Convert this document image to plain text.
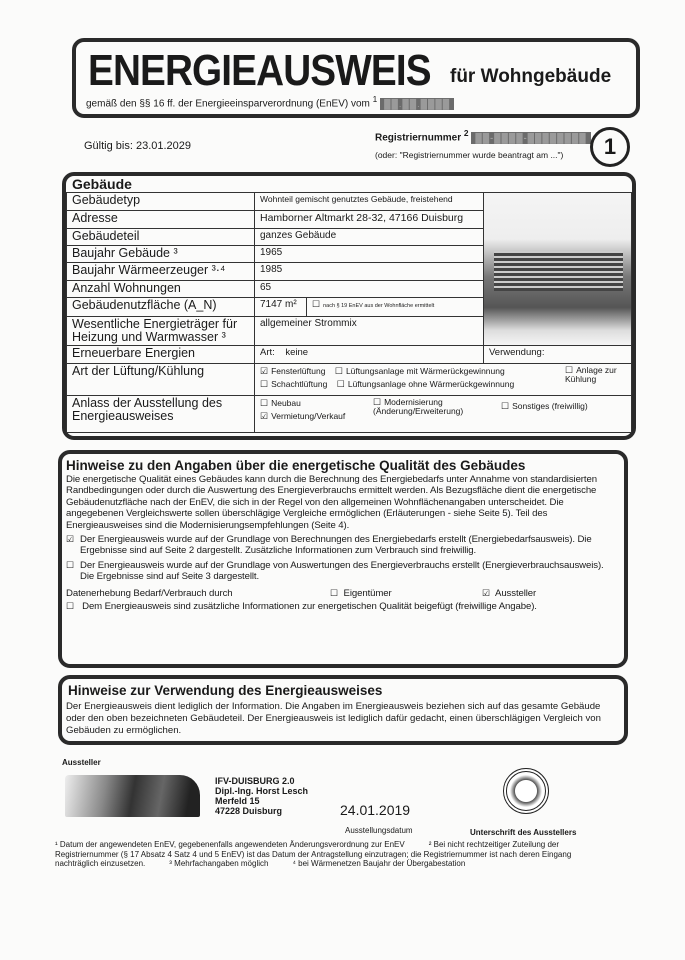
ENERGIEAUSWEIS für Wohngebäude
gemäß den §§ 16 ff. der Energieeinsparverordnung (EnEV) vom $^1$ ██.██.████
Gültig bis: 23.01.2029
Registriernummer $^2$ ██-████-████████
(oder: "Registriernummer wurde beantragt am ...")	1
Gebäude
Gebäudetyp	Wohnteil gemischt genutztes Gebäude, freistehend		

Adresse	Hamborner Altmarkt 28-32, 47166 Duisburg		
Gebäudeteil	ganzes Gebäude		
Baujahr Gebäude ³	1965		
Baujahr Wärmeerzeuger ³·⁴	1985		
Anzahl Wohnungen	65		
Gebäudenutzfläche (A_N)	7147 m²	☐ nach § 19 EnEV aus der Wohnfläche ermittelt	
Wesentliche Energieträger für Heizung und Warmwasser ³	allgemeiner Strommix		
Erneuerbare Energien	Art: keine		Verwendung:
Art der Lüftung/Kühlung	☑ Fensterlüftung ☐ Lüftungsanlage mit Wärmerückgewinnung ☐ Anlage zur Kühlung

☐ Schachtlüftung ☐ Lüftungsanlage ohne Wärmerückgewinnung		
Anlass der Ausstellung des Energieausweises	☐ Neubau ☐ Modernisierung (Änderung/Erweiterung) ☐ Sonstiges (freiwillig)

☑ Vermietung/Verkauf		
Hinweise zu den Angaben über die energetische Qualität des Gebäudes
Die energetische Qualität eines Gebäudes kann durch die Berechnung des Energiebedarfs unter Annahme von standardisierten Randbedingungen oder durch die Auswertung des Energieverbrauchs ermittelt werden. Als Bezugsfläche dient die energetische Gebäudenutzfläche nach der EnEV, die sich in der Regel von den allgemeinen Wohnflächenangaben unterscheidet. Die angegebenen Vergleichswerte sollen überschlägige Vergleiche ermöglichen (Erläuterungen - siehe Seite 5). Teil des Energieausweises sind die Modernisierungsempfehlungen (Seite 4).
☑ Der Energieausweis wurde auf der Grundlage von Berechnungen des Energiebedarfs erstellt (Energiebedarfsausweis). Die Ergebnisse sind auf Seite 2 dargestellt. Zusätzliche Informationen zum Verbrauch sind freiwillig.
☐ Der Energieausweis wurde auf der Grundlage von Auswertungen des Energieverbrauchs erstellt (Energieverbrauchsausweis). Die Ergebnisse sind auf Seite 3 dargestellt.
Datenerhebung Bedarf/Verbrauch durch	☐ Eigentümer	☑ Aussteller
☐ Dem Energieausweis sind zusätzliche Informationen zur energetischen Qualität beigefügt (freiwillige Angabe).
Hinweise zur Verwendung des Energieausweises
Der Energieausweis dient lediglich der Information. Die Angaben im Energieausweis beziehen sich auf das gesamte Gebäude oder den oben bezeichneten Gebäudeteil. Der Energieausweis ist lediglich dafür gedacht, einen überschlägigen Vergleich von Gebäuden zu ermöglichen.
Aussteller
IFV-DUISBURG 2.0
Dipl.-Ing. Horst Lesch
Merfeld 15
47228 Duisburg	24.01.2019
Ausstellungsdatum	Unterschrift des Ausstellers
¹ Datum der angewendeten EnEV, gegebenenfalls angewendeten Änderungsverordnung zur EnEV	² Bei nicht rechtzeitiger Zuteilung der
Registriernummer (§ 17 Absatz 4 Satz 4 und 5 EnEV) ist das Datum der Antragstellung einzutragen; die Registriernummer ist nach deren Eingang
nachträglich einzusetzen.	³ Mehrfachangaben möglich	⁴ bei Wärmenetzen Baujahr der Übergabestation
